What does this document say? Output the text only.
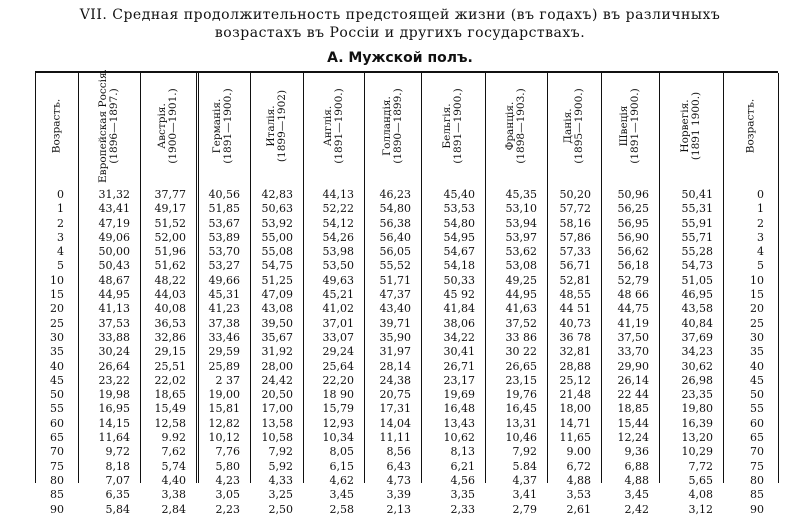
VII. Средная продолжительность предстоящей жизни (въ годахъ) въ различныхъ
возрастахъ въ Россіи и другихъ государствахъ.
A. Мужской полъ.
Возрастъ.	Европейская Россія. (1896—1897.)	Австрія. (1900—1901.)	Германія. (1891—1900.)	Италія. (1899—1902)	Англія. (1891—1900.)	Голландія. (1890—1899.)	Бельгія. (1891—1900.)	Франція. (1898—1903.)	Данія. (1895—1900.)	Швеція (1891—1900.)	Норвегія. (1891 1900.)	Возрастъ.
0	31,32	37,77	40,56	42,83	44,13	46,23	45,40	45,35	50,20	50,96	50,41	0
1	43,41	49,17	51,85	50,63	52,22	54,80	53,53	53,10	57,72	56,25	55,31	1
2	47,19	51,52	53,67	53,92	54,12	56,38	54,80	53,94	58,16	56,95	55,91	2
3	49,06	52,00	53,89	55,00	54,26	56,40	54,95	53,97	57,86	56,90	55,71	3
4	50,00	51,96	53,70	55,08	53,98	56,05	54,67	53,62	57,33	56,62	55,28	4
5	50,43	51,62	53,27	54,75	53,50	55,52	54,18	53,08	56,71	56,18	54,73	5
10	48,67	48,22	49,66	51,25	49,63	51,71	50,33	49,25	52,81	52,79	51,05	10
15	44,95	44,03	45,31	47,09	45,21	47,37	45 92	44,95	48,55	48 66	46,95	15
20	41,13	40,08	41,23	43,08	41,02	43,40	41,84	41,63	44 51	44,75	43,58	20
25	37,53	36,53	37,38	39,50	37,01	39,71	38,06	37,52	40,73	41,19	40,84	25
30	33,88	32,86	33,46	35,67	33,07	35,90	34,22	33 86	36 78	37,50	37,69	30
35	30,24	29,15	29,59	31,92	29,24	31,97	30,41	30 22	32,81	33,70	34,23	35
40	26,64	25,51	25,89	28,00	25,64	28,14	26,71	26,65	28,88	29,90	30,62	40
45	23,22	22,02	2 37	24,42	22,20	24,38	23,17	23,15	25,12	26,14	26,98	45
50	19,98	18,65	19,00	20,50	18 90	20,75	19,69	19,76	21,48	22 44	23,35	50
55	16,95	15,49	15,81	17,00	15,79	17,31	16,48	16,45	18,00	18,85	19,80	55
60	14,15	12,58	12,82	13,58	12,93	14,04	13,43	13,31	14,71	15,44	16,39	60
65	11,64	9.92	10,12	10,58	10,34	11,11	10,62	10,46	11,65	12,24	13,20	65
70	9,72	7,62	7,76	7,92	8,05	8,56	8,13	7,92	9.00	9,36	10,29	70
75	8,18	5,74	5,80	5,92	6,15	6,43	6,21	5.84	6,72	6,88	7,72	75
80	7,07	4,40	4,23	4,33	4,62	4,73	4,56	4,37	4,88	4,88	5,65	80
85	6,35	3,38	3,05	3,25	3,45	3,39	3,35	3,41	3,53	3,45	4,08	85
90	5,84	2,84	2,23	2,50	2,58	2,13	2,33	2,79	2,61	2,42	3,12	90
